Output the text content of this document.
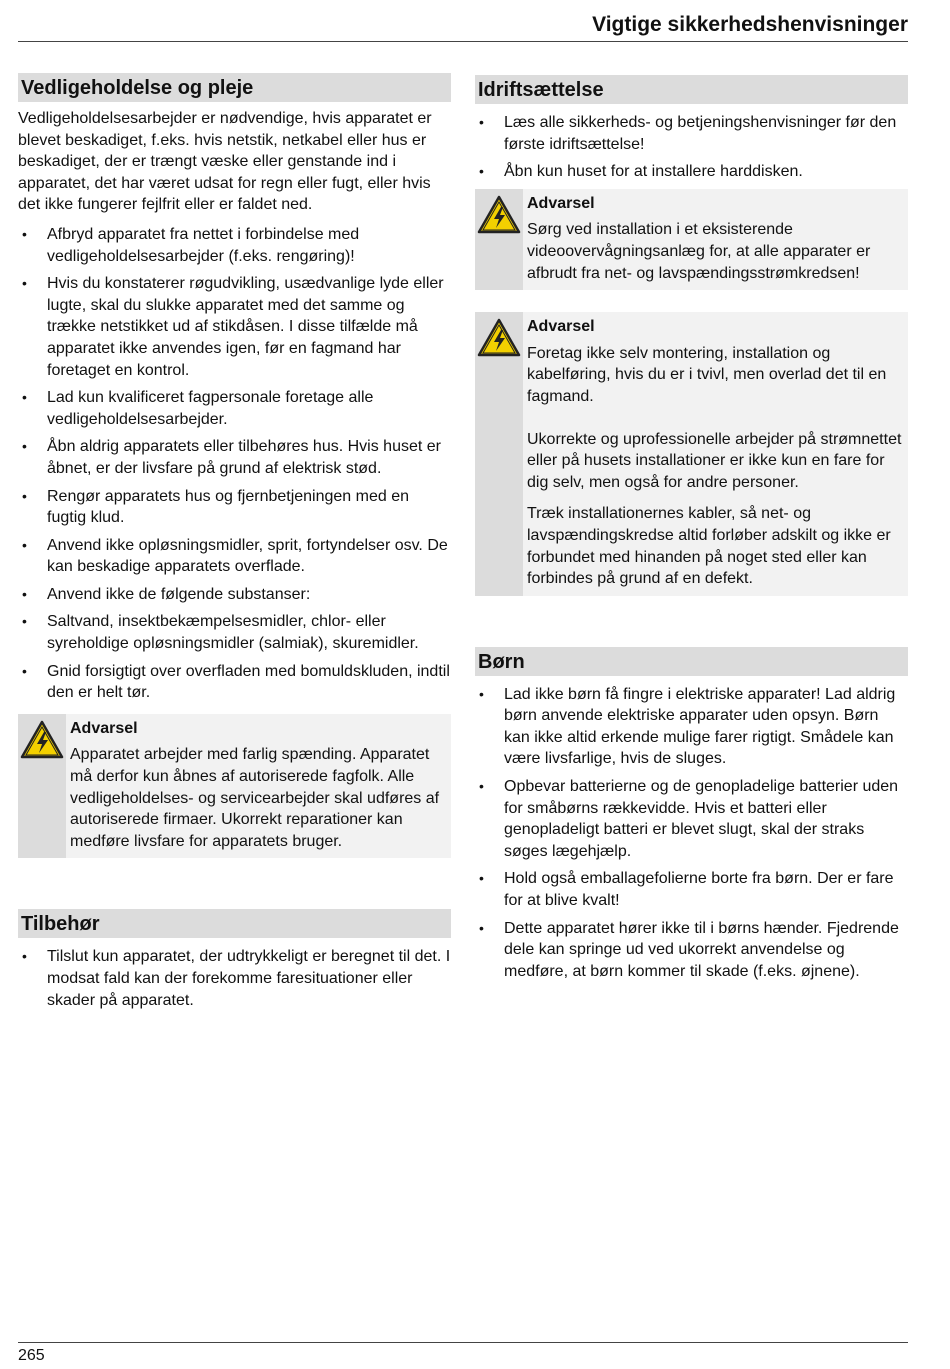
Vigtige sikkerhedshenvisninger
Vedligeholdelse og pleje

Vedligeholdelsesarbejder er nødvendige, hvis apparatet er blevet beskadiget, f.eks. hvis netstik, netkabel eller hus er beskadiget, der er trængt væske eller genstande ind i apparatet, det har været udsat for regn eller fugt, eller hvis det ikke fungerer fejlfrit eller er faldet ned.

• Afbryd apparatet fra nettet i forbindelse med vedligeholdelsesarbejder (f.eks. rengøring)!
• Hvis du konstaterer røgudvikling, usædvanlige lyde eller lugte, skal du slukke apparatet med det samme og trække netstikket ud af stikdåsen. I disse tilfælde må apparatet ikke anvendes igen, før en fagmand har foretaget en kontrol.
• Lad kun kvalificeret fagpersonale foretage alle vedligeholdelsesarbejder.
• Åbn aldrig apparatets eller tilbehøres hus. Hvis huset er åbnet, er der livsfare på grund af elektrisk stød.
• Rengør apparatets hus og fjernbetjeningen med en fugtig klud.
• Anvend ikke opløsningsmidler, sprit, fortyndelser osv. De kan beskadige apparatets overflade.
• Anvend ikke de følgende substanser:
• Saltvand, insektbekæmpelsesmidler, chlor- eller syreholdige opløsningsmidler (salmiak), skuremidler.
• Gnid forsigtigt over overfladen med bomuldskluden, indtil den er helt tør.
Advarsel
Apparatet arbejder med farlig spænding. Apparatet må derfor kun åbnes af autoriserede fagfolk. Alle vedligeholdelses- og servicearbejder skal udføres af autoriserede firmaer. Ukorrekt reparationer kan medføre livsfare for apparatets bruger.
Tilbehør
• Tilslut kun apparatet, der udtrykkeligt er beregnet til det. I modsat fald kan der forekomme faresituationer eller skader på apparatet.
Idriftsættelse
• Læs alle sikkerheds- og betjeningshenvisninger før den første idriftsættelse!
• Åbn kun huset for at installere harddisken.
Advarsel
Sørg ved installation i et eksisterende videoovervågningsanlæg for, at alle apparater er afbrudt fra net- og lavspændingsstrømkredsen!
Advarsel
Foretag ikke selv montering, installation og kabelføring, hvis du er i tvivl, men overlad det til en fagmand.
Ukorrekte og uprofessionelle arbejder på strømnettet eller på husets installationer er ikke kun en fare for dig selv, men også for andre personer.
Træk installationernes kabler, så net- og lavspændingskredse altid forløber adskilt og ikke er forbundet med hinanden på noget sted eller kan forbindes på grund af en defekt.
Børn
• Lad ikke børn få fingre i elektriske apparater! Lad aldrig børn anvende elektriske apparater uden opsyn. Børn kan ikke altid erkende mulige farer rigtigt. Smådele kan være livsfarlige, hvis de sluges.
• Opbevar batterierne og de genopladelige batterier uden for småbørns rækkevidde. Hvis et batteri eller genopladeligt batteri er blevet slugt, skal der straks søges lægehjælp.
• Hold også emballagefolierne borte fra børn. Der er fare for at blive kvalt!
• Dette apparatet hører ikke til i børns hænder. Fjedrende dele kan springe ud ved ukorrekt anvendelse og medføre, at børn kommer til skade (f.eks. øjnene).
265
